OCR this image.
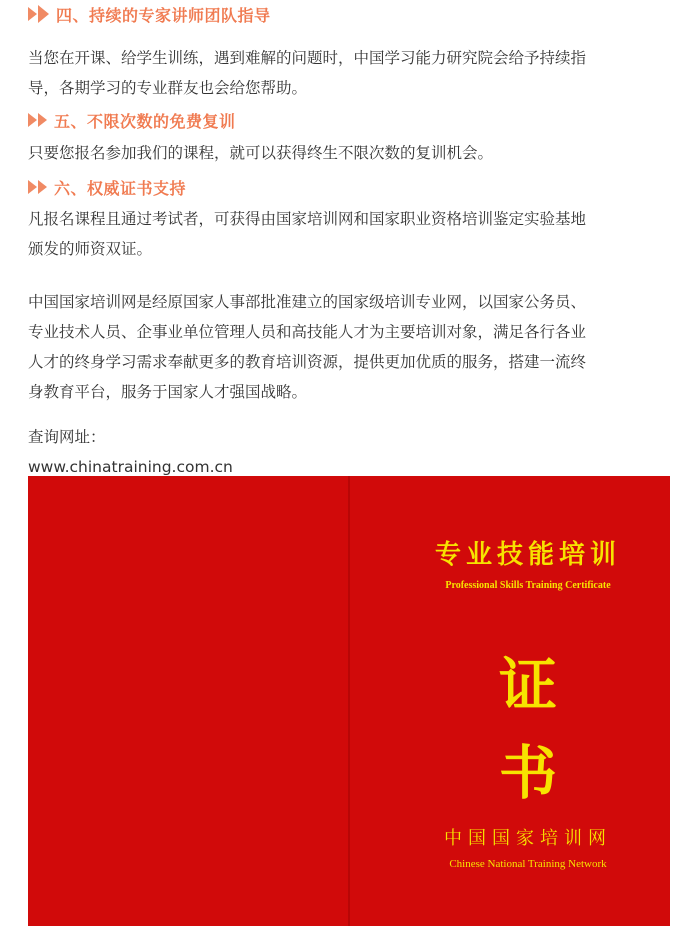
四、持续的专家讲师团队指导

当您在开课、给学生训练，遇到难解的问题时，中国学习能力研究院会给予持续指
导，各期学习的专业群友也会给您帮助。

五、不限次数的免费复训

只要您报名参加我们的课程，就可以获得终生不限次数的复训机会。

六、权威证书支持

凡报名课程且通过考试者，可获得由国家培训网和国家职业资格培训鉴定实验基地
颁发的师资双证。

中国国家培训网是经原国家人事部批准建立的国家级培训专业网，以国家公务员、
专业技术人员、企事业单位管理人员和高技能人才为主要培训对象，满足各行各业
人才的终身学习需求奉献更多的教育培训资源，提供更加优质的服务，搭建一流终
身教育平台，服务于国家人才强国战略。

查询网址：
www.chinatraining.com.cn

专业技能培训
Professional Skills Training Certificate
证
书
中国国家培训网
Chinese National Training Network
